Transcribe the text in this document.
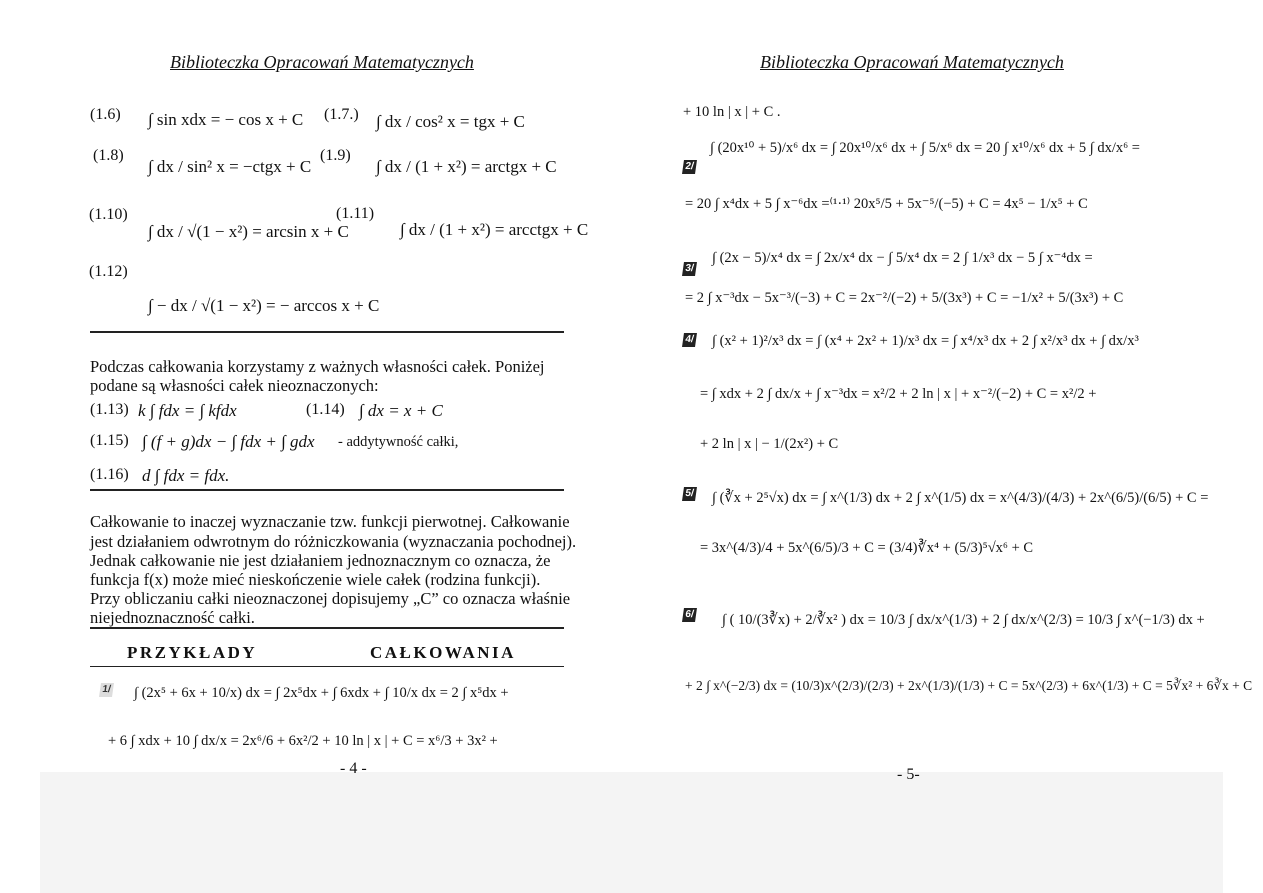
Biblioteczka Opracowań Matematycznych
(1.6) ∫ sin xdx = − cos x + C (1.7.) ∫ dx / cos² x = tgx + C
(1.8)
∫ dx / sin² x = −ctgx + C
(1.9)
∫ dx / (1 + x²) = arctgx + C
(1.10)
∫ dx / √(1 − x²) = arcsin x + C
(1.11)
∫ dx / (1 + x²) = arcctgx + C
(1.12)
∫ − dx / √(1 − x²) = − arccos x + C
Podczas całkowania korzystamy z ważnych własności całek. Poniżej
podane są własności całek nieoznaczonych:
(1.13) k ∫ fdx = ∫ kfdx	(1.14) ∫ dx = x + C
(1.15) ∫ (f + g)dx − ∫ fdx + ∫ gdx - addytywność całki,
(1.16) d ∫ fdx = fdx.
Całkowanie to inaczej wyznaczanie tzw. funkcji pierwotnej. Całkowanie
jest działaniem odwrotnym do różniczkowania (wyznaczania pochodnej).
Jednak całkowanie nie jest działaniem jednoznacznym co oznacza, że
funkcja f(x) może mieć nieskończenie wiele całek (rodzina funkcji).
Przy obliczaniu całki nieoznaczonej dopisujemy „C” co oznacza właśnie
niejednoznaczność całki.
PRZYKŁADY	CAŁKOWANIA
1/ ∫ (2x⁵ + 6x + 10/x) dx = ∫ 2x⁵dx + ∫ 6xdx + ∫ 10/x dx = 2 ∫ x⁵dx +
+ 6 ∫ xdx + 10 ∫ dx/x = 2x⁶/6 + 6x²/2 + 10 ln | x | + C = x⁶/3 + 3x² +
- 4 -
Biblioteczka Opracowań Matematycznych
+ 10 ln | x | + C .
2/
∫ (20x¹⁰ + 5)/x⁶ dx = ∫ 20x¹⁰/x⁶ dx + ∫ 5/x⁶ dx = 20 ∫ x¹⁰/x⁶ dx + 5 ∫ dx/x⁶ =
= 20 ∫ x⁴dx + 5 ∫ x⁻⁶dx =⁽¹·¹⁾ 20x⁵/5 + 5x⁻⁵/(−5) + C = 4x⁵ − 1/x⁵ + C
3/
∫ (2x − 5)/x⁴ dx = ∫ 2x/x⁴ dx − ∫ 5/x⁴ dx = 2 ∫ 1/x³ dx − 5 ∫ x⁻⁴dx =
= 2 ∫ x⁻³dx − 5x⁻³/(−3) + C = 2x⁻²/(−2) + 5/(3x³) + C = −1/x² + 5/(3x³) + C
4/ ∫ (x² + 1)²/x³ dx = ∫ (x⁴ + 2x² + 1)/x³ dx = ∫ x⁴/x³ dx + 2 ∫ x²/x³ dx + ∫ dx/x³
= ∫ xdx + 2 ∫ dx/x + ∫ x⁻³dx = x²/2 + 2 ln | x | + x⁻²/(−2) + C = x²/2 +
+ 2 ln | x | − 1/(2x²) + C
5/ ∫ (∛x + 2⁵√x) dx = ∫ x^(1/3) dx + 2 ∫ x^(1/5) dx = x^(4/3)/(4/3) + 2x^(6/5)/(6/5) + C =
= 3x^(4/3)/4 + 5x^(6/5)/3 + C = (3/4)∛x⁴ + (5/3)⁵√x⁶ + C
6/ ∫ ( 10/(3∛x) + 2/∛x² ) dx = 10/3 ∫ dx/x^(1/3) + 2 ∫ dx/x^(2/3) = 10/3 ∫ x^(−1/3) dx +
+ 2 ∫ x^(−2/3) dx = (10/3)x^(2/3)/(2/3) + 2x^(1/3)/(1/3) + C = 5x^(2/3) + 6x^(1/3) + C = 5∛x² + 6∛x + C
- 5-
